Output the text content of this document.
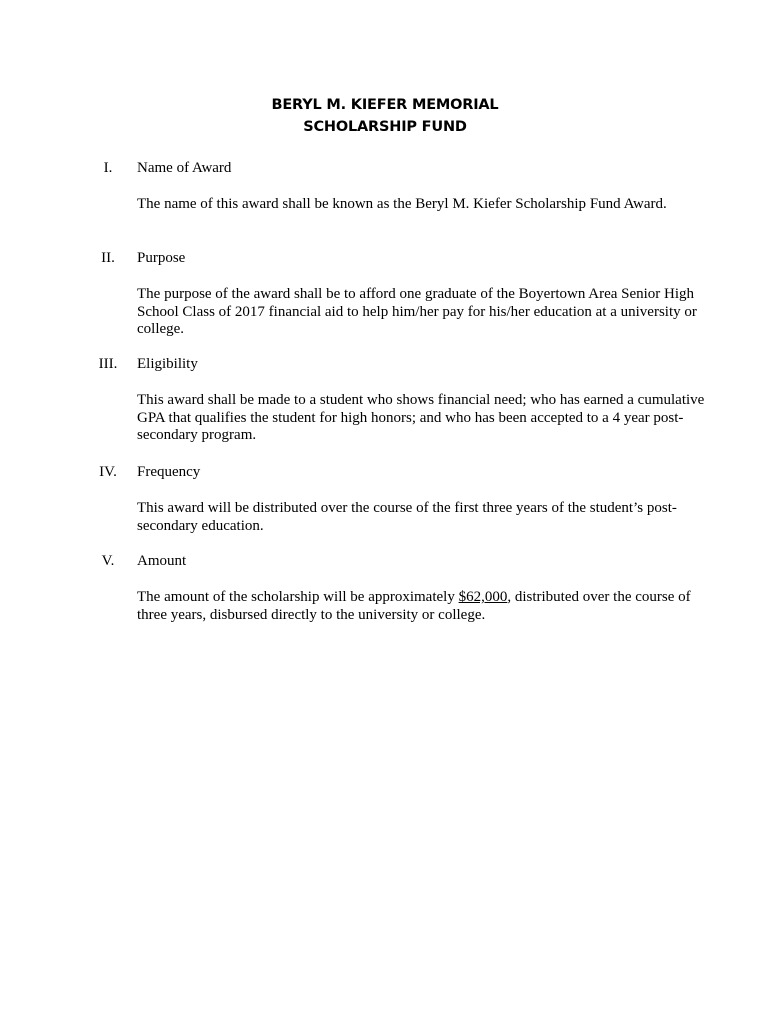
BERYL M. KIEFER MEMORIAL
SCHOLARSHIP FUND
I.	Name of Award
The name of this award shall be known as the Beryl M. Kiefer Scholarship Fund Award.
II.	Purpose
The purpose of the award shall be to afford one graduate of the Boyertown Area Senior High School Class of 2017 financial aid to help him/her pay for his/her education at a university or college.
III.	Eligibility
This award shall be made to a student who shows financial need; who has earned a cumulative GPA that qualifies the student for high honors; and who has been accepted to a 4 year post- secondary program.
IV.	Frequency
This award will be distributed over the course of the first three years of the student’s post- secondary education.
V.	Amount
The amount of the scholarship will be approximately $62,000, distributed over the course of three years, disbursed directly to the university or college.
